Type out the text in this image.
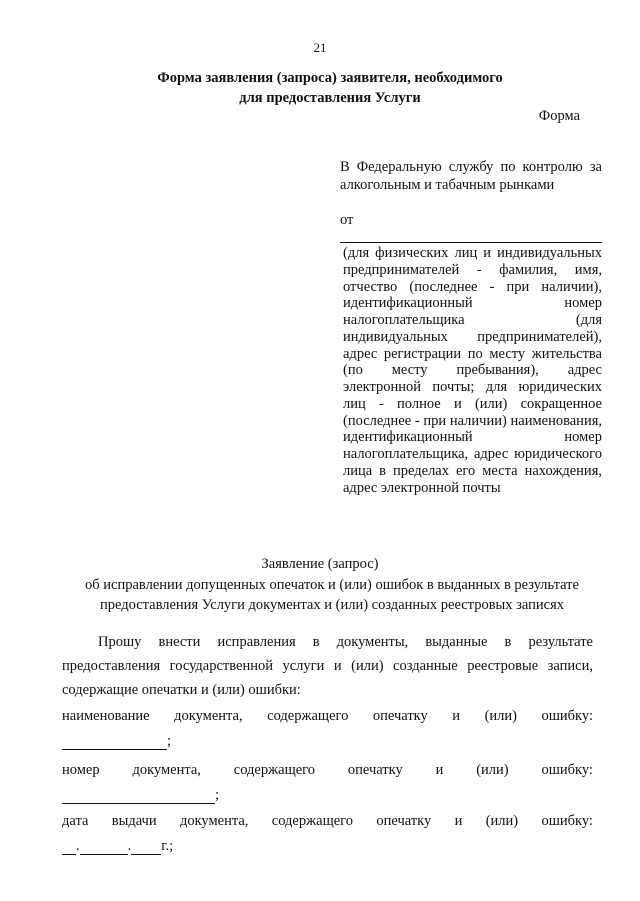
21
Форма заявления (запроса) заявителя, необходимого
для предоставления Услуги
Форма
В Федеральную службу по контролю за алкогольным и табачным рынками
от
(для физических лиц и индивидуальных предпринимателей - фамилия, имя, отчество (последнее - при наличии), идентификационный номер налогоплательщика (для индивидуальных предпринимателей), адрес регистрации по месту жительства (по месту пребывания), адрес электронной почты; для юридических лиц - полное и (или) сокращенное (последнее - при наличии) наименования, идентификационный номер налогоплательщика, адрес юридического лица в пределах его места нахождения, адрес электронной почты
Заявление (запрос)
об исправлении допущенных опечаток и (или) ошибок в выданных в результате
предоставления Услуги документах и (или) созданных реестровых записях
Прошу внести исправления в документы, выданные в результате предоставления государственной услуги и (или) созданные реестровые записи, содержащие опечатки и (или) ошибки:
наименование документа, содержащего опечатку и (или) ошибку:
;
номер документа, содержащего опечатку и (или) ошибку:
;
дата выдачи документа, содержащего опечатку и (или) ошибку:
.	. г.;
